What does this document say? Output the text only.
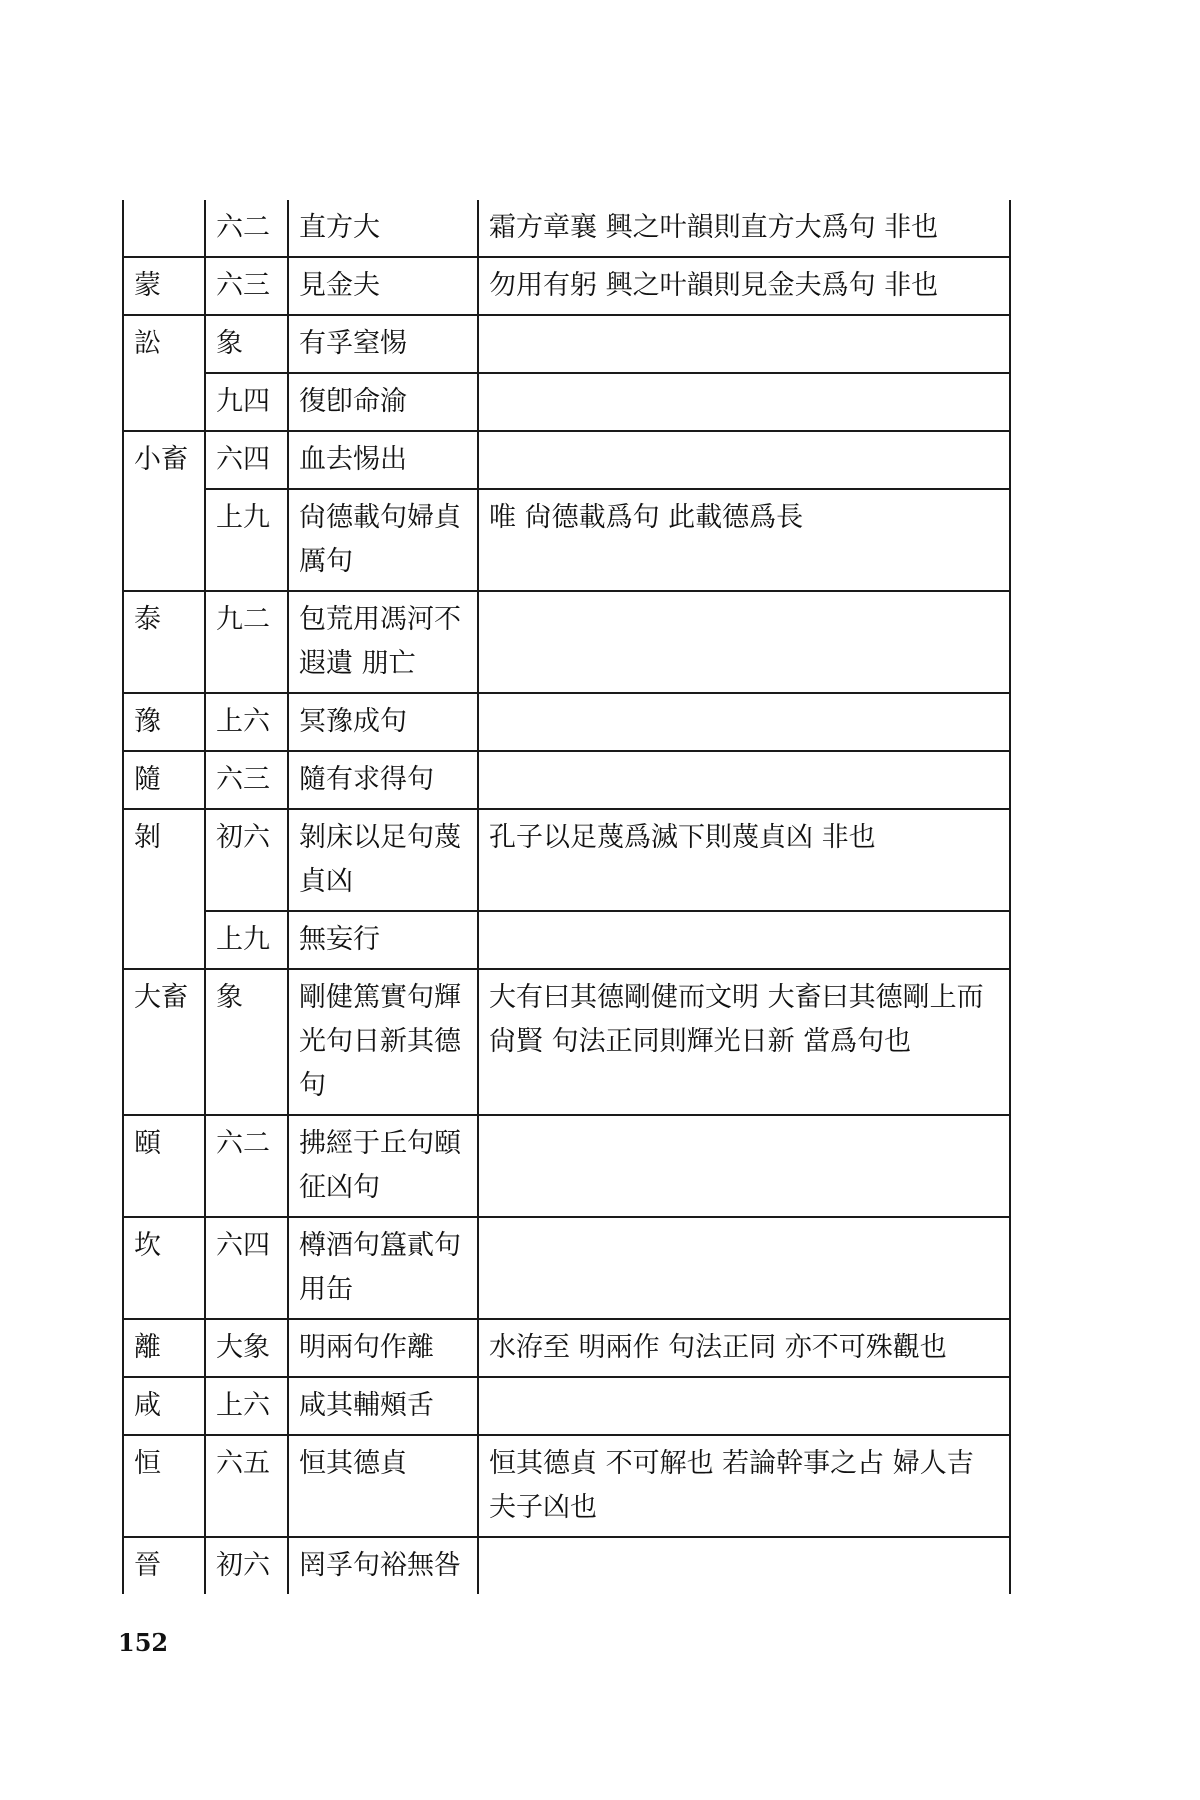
	六二	直方大	霜方章襄 興之叶韻則直方大爲句 非也
蒙	六三	見金夫	勿用有躬 興之叶韻則見金夫爲句 非也
訟	象	有孚窒惕	
	九四	復卽命渝	
小畜	六四	血去惕出	
	上九	尙德載句婦貞厲句	唯 尙德載爲句 此載德爲長
泰	九二	包荒用馮河不遐遺 朋亡	
豫	上六	冥豫成句	
隨	六三	隨有求得句	
剝	初六	剝床以足句蔑貞凶	孔子以足蔑爲滅下則蔑貞凶 非也
	上九	無妄行	
大畜	象	剛健篤實句輝光句日新其德句	大有曰其德剛健而文明 大畜曰其德剛上而尙賢 句法正同則輝光日新 當爲句也
頤	六二	拂經于丘句頤征凶句	
坎	六四	樽酒句簋貳句用缶	
離	大象	明兩句作離	水洊至 明兩作 句法正同 亦不可殊觀也
咸	上六	咸其輔頰舌	
恒	六五	恒其德貞	恒其德貞 不可解也 若論幹事之占 婦人吉夫子凶也
晉	初六	罔孚句裕無咎	
152
